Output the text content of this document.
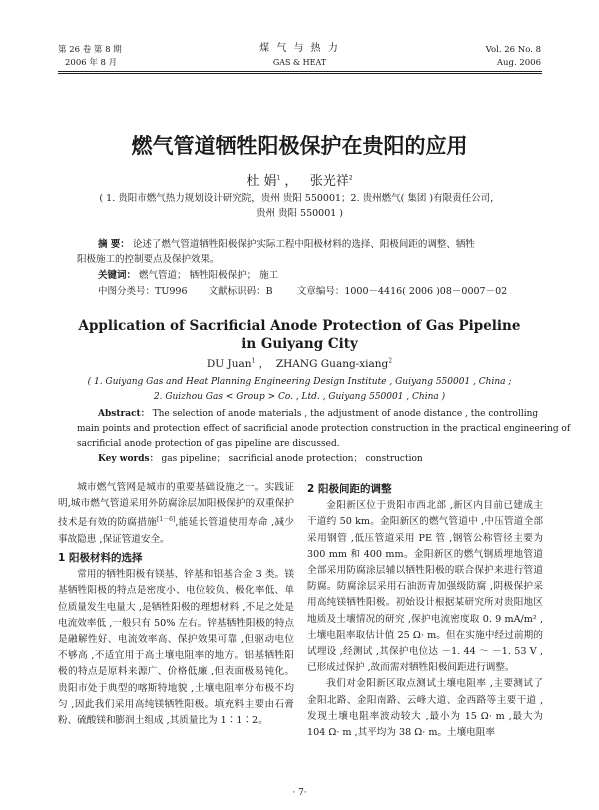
第 26 卷 第 8 期
2006 年 8 月
煤 气 与 热 力
GAS & HEAT
Vol. 26 No. 8
Aug. 2006
燃气管道牺牲阳极保护在贵阳的应用
杜 娟$^1$ ，   张光祥$^2$
( 1. 贵阳市燃气热力规划设计研究院，贵州 贵阳 550001；2. 贵州燃气( 集团 )有限责任公司，
贵州 贵阳 550001 )
摘 要： 论述了燃气管道牺牲阳极保护实际工程中阳极材料的选择、阳极间距的调整、牺牲
阳极施工的控制要点及保护效果。
关键词： 燃气管道； 牺牲阳极保护； 施工
中图分类号：TU996 文献标识码：B	文章编号：1000－4416( 2006 )08－0007－02
Application of Sacrificial Anode Protection of Gas Pipeline
in Guiyang City
DU Juan$^1$ ，  ZHANG Guang-xiang$^2$
( 1. Guiyang Gas and Heat Planning Engineering Design Institute , Guiyang 550001 , China ;
2. Guizhou Gas < Group > Co. , Ltd. , Guiyang 550001 , China )
Abstract： The selection of anode materials , the adjustment of anode distance , the controlling
main points and protection effect of sacrificial anode protection construction in the practical engineering of
sacrificial anode protection of gas pipeline are discussed.
Key words： gas pipeline； sacrificial anode protection； construction

城市燃气管网是城市的重要基础设施之一。实践证明,城市燃气管道采用外防腐涂层加阳极保护的双重保护技术是有效的防腐措施[1－6],能延长管道使用寿命 ,减少事故隐患 ,保证管道安全。

1 阳极材料的选择

常用的牺牲阳极有镁基、锌基和铝基合金 3 类。镁基牺牲阳极的特点是密度小、电位较负、极化率低、单位质量发生电量大 ,是牺牲阳极的理想材料 ,不足之处是电流效率低 ,一般只有 50% 左右。锌基牺牲阳极的特点是融解性好、电流效率高、保护效果可靠 ,但驱动电位不够高 ,不适宜用于高土壤电阻率的地方。铝基牺牲阳极的特点是原料来源广、价格低廉 ,但表面极易钝化。贵阳市处于典型的喀斯特地貌 ,土壤电阻率分布极不均匀 ,因此我们采用高纯镁牺牲阳极。填充料主要由石膏粉、硫酸镁和膨润土组成 ,其质量比为 1∶1∶2。

2 阳极间距的调整

金阳新区位于贵阳市西北部 ,新区内目前已建成主干道约 50 km。金阳新区的燃气管道中 ,中压管道全部采用钢管 ,低压管道采用 PE 管 ,钢管公称管径主要为 300 mm 和 400 mm。金阳新区的燃气钢质埋地管道全部采用防腐涂层辅以牺牲阳极的联合保护来进行管道防腐。防腐涂层采用石油沥青加强级防腐 ,阴极保护采用高纯镁牺牲阳极。初始设计根据某研究所对贵阳地区地质及土壤情况的研究 ,保护电流密度取 0. 9 mA/m² ,土壤电阻率取估计值 25 Ω· m。但在实施中经过前期的试埋设 ,经测试 ,其保护电位达 －1. 44 ～ －1. 53 V ,已形成过保护 ,故而需对牺牲阳极间距进行调整。

我们对金阳新区取点测试土壤电阻率 ,主要测试了金阳北路、金阳南路、云峰大道、金西路等主要干道 ,发现土壤电阻率波动较大 ,最小为 15 Ω· m ,最大为 104 Ω· m ,其平均为 38 Ω· m。土壤电阻率

· 7·
